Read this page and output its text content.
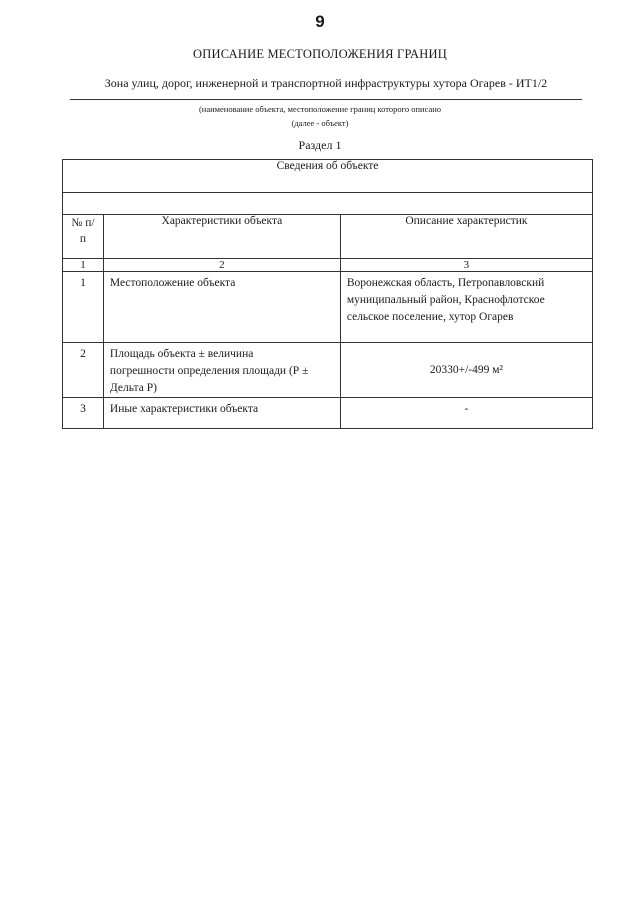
9
ОПИСАНИЕ МЕСТОПОЛОЖЕНИЯ ГРАНИЦ
Зона улиц, дорог, инженерной и транспортной инфраструктуры хутора Огарев - ИТ1/2
(наименование объекта, местоположение границ которого описано
(далее - объект)
Раздел 1
Сведения об объекте		

№ п/п	Характеристики объекта	Описание характеристик
1	2	3

1	Местоположение объекта	Воронежская область, Петропавловский муниципальный район, Краснофлотское сельское поселение, хутор Огарев

2	Площадь объекта ± величина погрешности определения площади (Р ± Дельта Р)	20330+/-499 м²

3	Иные характеристики объекта	-
